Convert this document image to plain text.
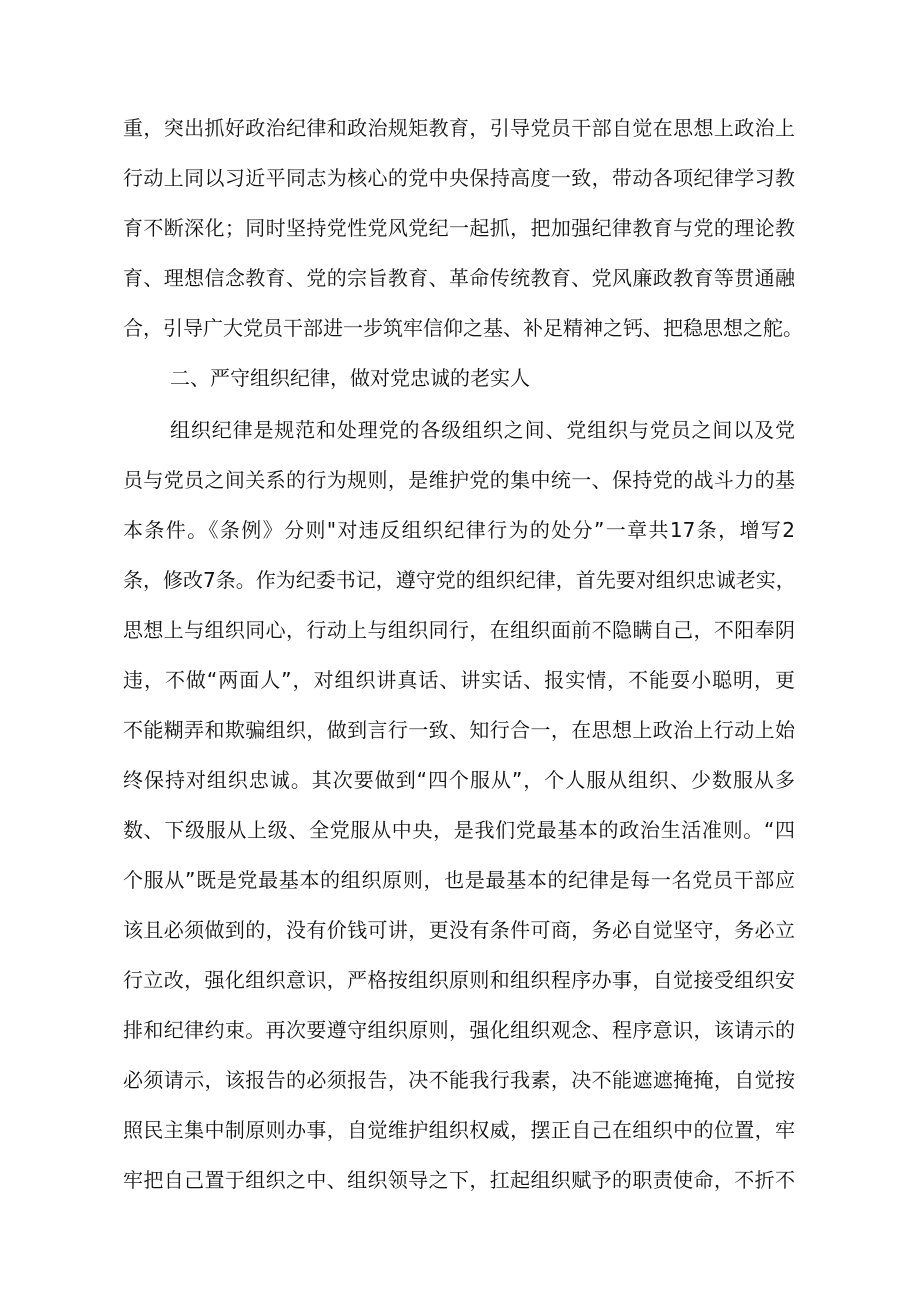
重，突出抓好政治纪律和政治规矩教育，引导党员干部自觉在思想上政治上
行动上同以习近平同志为核心的党中央保持高度一致，带动各项纪律学习教
育不断深化；同时坚持党性党风党纪一起抓，把加强纪律教育与党的理论教
育、理想信念教育、党的宗旨教育、革命传统教育、党风廉政教育等贯通融
合，引导广大党员干部进一步筑牢信仰之基、补足精神之钙、把稳思想之舵。
二、严守组织纪律，做对党忠诚的老实人
组织纪律是规范和处理党的各级组织之间、党组织与党员之间以及党
员与党员之间关系的行为规则，是维护党的集中统一、保持党的战斗力的基
本条件。《条例》分则"对违反组织纪律行为的处分”一章共17条，增写2
条，修改7条。作为纪委书记，遵守党的组织纪律，首先要对组织忠诚老实，
思想上与组织同心，行动上与组织同行，在组织面前不隐瞒自己，不阳奉阴
违，不做“两面人”，对组织讲真话、讲实话、报实情，不能耍小聪明，更
不能糊弄和欺骗组织，做到言行一致、知行合一，在思想上政治上行动上始
终保持对组织忠诚。其次要做到“四个服从”，个人服从组织、少数服从多
数、下级服从上级、全党服从中央，是我们党最基本的政治生活准则。“四
个服从”既是党最基本的组织原则，也是最基本的纪律是每一名党员干部应
该且必须做到的，没有价钱可讲，更没有条件可商，务必自觉坚守，务必立
行立改，强化组织意识，严格按组织原则和组织程序办事，自觉接受组织安
排和纪律约束。再次要遵守组织原则，强化组织观念、程序意识，该请示的
必须请示，该报告的必须报告，决不能我行我素，决不能遮遮掩掩，自觉按
照民主集中制原则办事，自觉维护组织权威，摆正自己在组织中的位置，牢
牢把自己置于组织之中、组织领导之下，扛起组织赋予的职责使命，不折不
